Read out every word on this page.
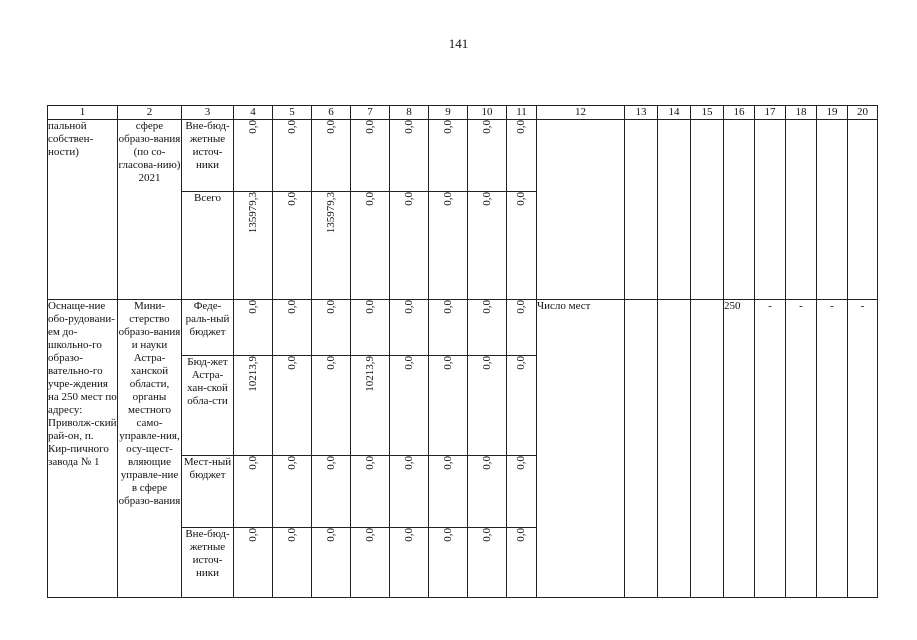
141
1	2	3	4	5	6	7	8	9	10	11	12	13	14	15	16	17	18	19	20
пальной собствен-ности)	сфере образо-вания (по со-гласова-нию) 2021	Вне-бюд-жетные источ-ники	0,0	0,0	0,0	0,0	0,0	0,0	0,0	0,0									
		Всего	135979,3	0,0	135979,3	0,0	0,0	0,0	0,0	0,0									
Оснаще-ние обо-рудовани-ем до-школьно-го образо-вательно-го учре-ждения на 250 мест по адресу: Приволж-ский рай-он, п. Кир-пичного завода № 1	Мини-стерство образо-вания и науки Астра-ханской области, органы местного само-управле-ния, осу-щест-вляющие управле-ние в сфере образо-вания	Феде-раль-ный бюджет	0,0	0,0	0,0	0,0	0,0	0,0	0,0	0,0	Число мест				250	-	-	-	-
		Бюд-жет Астра-хан-ской обла-сти	10213,9	0,0	0,0	10213,9	0,0	0,0	0,0	0,0									
		Мест-ный бюджет	0,0	0,0	0,0	0,0	0,0	0,0	0,0	0,0									
		Вне-бюд-жетные источ-ники	0,0	0,0	0,0	0,0	0,0	0,0	0,0	0,0									
